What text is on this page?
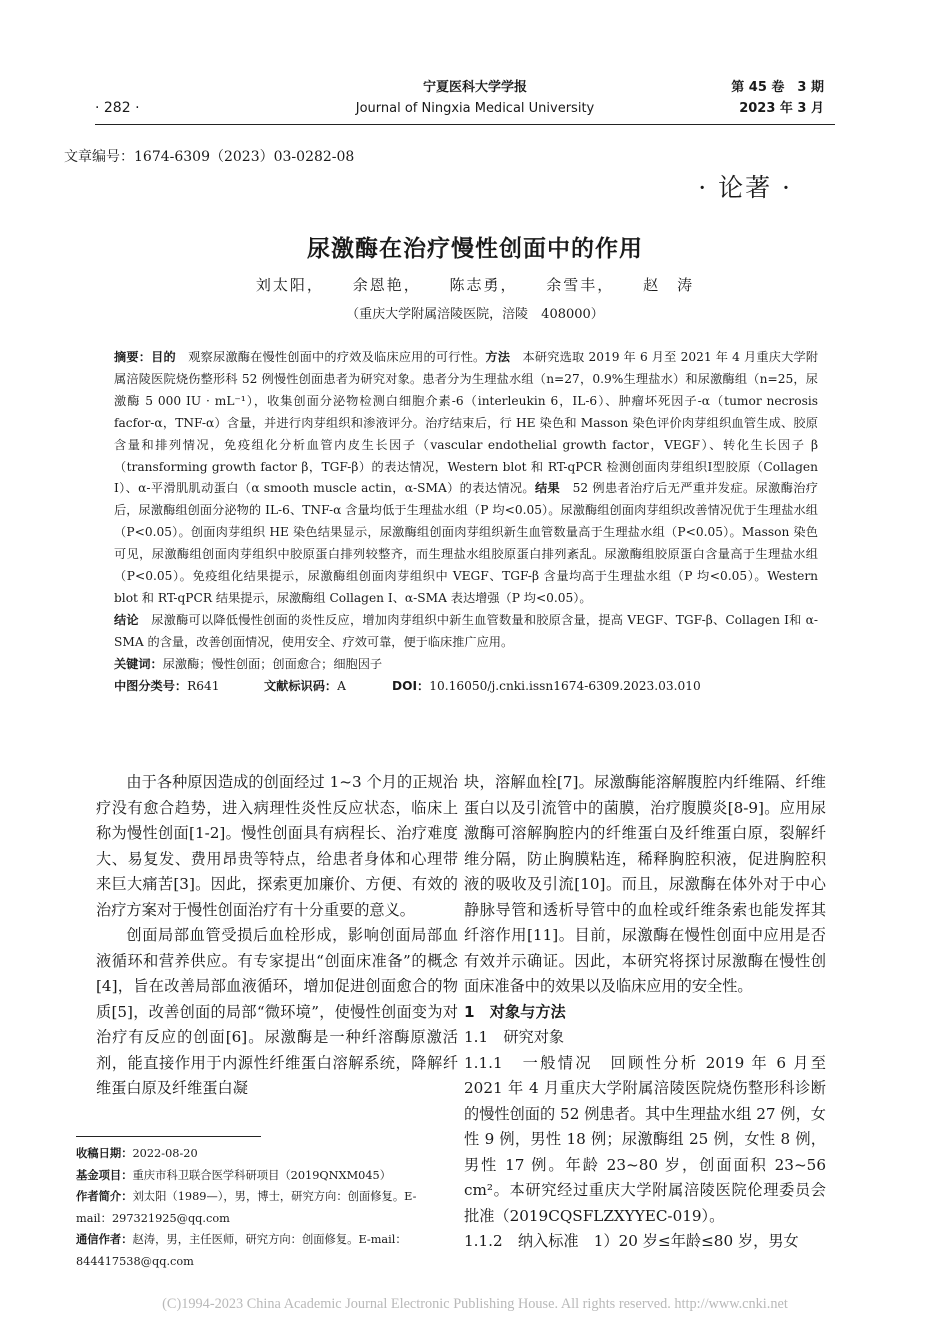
· 282 ·
宁夏医科大学学报
Journal of Ningxia Medical University
第 45 卷　3 期
2023 年 3 月
文章编号：1674-6309（2023）03-0282-08
· 论著 ·
尿激酶在治疗慢性创面中的作用
刘太阳， 余恩艳， 陈志勇， 余雪丰， 赵　涛
（重庆大学附属涪陵医院，涪陵　408000）

摘要：目的　观察尿激酶在慢性创面中的疗效及临床应用的可行性。方法　本研究选取 2019 年 6 月至 2021 年 4 月重庆大学附属涪陵医院烧伤整形科 52 例慢性创面患者为研究对象。患者分为生理盐水组（n=27，0.9%生理盐水）和尿激酶组（n=25，尿激酶 5 000 IU · mL⁻¹），收集创面分泌物检测白细胞介素-6（interleukin 6，IL-6）、肿瘤坏死因子-α（tumor necrosis facfor-α，TNF-α）含量，并进行肉芽组织和渗液评分。治疗结束后，行 HE 染色和 Masson 染色评价肉芽组织血管生成、胶原含量和排列情况，免疫组化分析血管内皮生长因子（vascular endothelial growth factor，VEGF）、转化生长因子 β（transforming growth factor β，TGF-β）的表达情况，Western blot 和 RT-qPCR 检测创面肉芽组织Ⅰ型胶原（Collagen Ⅰ）、α-平滑肌肌动蛋白（α smooth muscle actin，α-SMA）的表达情况。结果　52 例患者治疗后无严重并发症。尿激酶治疗后，尿激酶组创面分泌物的 IL-6、TNF-α 含量均低于生理盐水组（P 均<0.05）。尿激酶组创面肉芽组织改善情况优于生理盐水组（P<0.05）。创面肉芽组织 HE 染色结果显示，尿激酶组创面肉芽组织新生血管数量高于生理盐水组（P<0.05）。Masson 染色可见，尿激酶组创面肉芽组织中胶原蛋白排列较整齐，而生理盐水组胶原蛋白排列紊乱。尿激酶组胶原蛋白含量高于生理盐水组（P<0.05）。免疫组化结果提示，尿激酶组创面肉芽组织中 VEGF、TGF-β 含量均高于生理盐水组（P 均<0.05）。Western blot 和 RT-qPCR 结果提示，尿激酶组 Collagen Ⅰ、α-SMA 表达增强（P 均<0.05）。

结论　尿激酶可以降低慢性创面的炎性反应，增加肉芽组织中新生血管数量和胶原含量，提高 VEGF、TGF-β、Collagen Ⅰ和 α-SMA 的含量，改善创面情况，使用安全、疗效可靠，便于临床推广应用。

关键词：尿激酶；慢性创面；创面愈合；细胞因子

中图分类号：R641	文献标识码：A	DOI：10.16050/j.cnki.issn1674-6309.2023.03.010

由于各种原因造成的创面经过 1~3 个月的正规治疗没有愈合趋势，进入病理性炎性反应状态，临床上称为慢性创面[1-2]。慢性创面具有病程长、治疗难度大、易复发、费用昂贵等特点，给患者身体和心理带来巨大痛苦[3]。因此，探索更加廉价、方便、有效的治疗方案对于慢性创面治疗有十分重要的意义。

创面局部血管受损后血栓形成，影响创面局部血液循环和营养供应。有专家提出“创面床准备”的概念[4]，旨在改善局部血液循环，增加促进创面愈合的物质[5]，改善创面的局部“微环境”，使慢性创面变为对治疗有反应的创面[6]。尿激酶是一种纤溶酶原激活剂，能直接作用于内源性纤维蛋白溶解系统，降解纤维蛋白原及纤维蛋白凝

块，溶解血栓[7]。尿激酶能溶解腹腔内纤维隔、纤维蛋白以及引流管中的菌膜，治疗腹膜炎[8-9]。应用尿激酶可溶解胸腔内的纤维蛋白及纤维蛋白原，裂解纤维分隔，防止胸膜粘连，稀释胸腔积液，促进胸腔积液的吸收及引流[10]。而且，尿激酶在体外对于中心静脉导管和透析导管中的血栓或纤维条索也能发挥其纤溶作用[11]。目前，尿激酶在慢性创面中应用是否有效并示确证。因此，本研究将探讨尿激酶在慢性创面床准备中的效果以及临床应用的安全性。

1　对象与方法

1.1　研究对象

1.1.1　一般情况　回顾性分析 2019 年 6 月至 2021 年 4 月重庆大学附属涪陵医院烧伤整形科诊断的慢性创面的 52 例患者。其中生理盐水组 27 例，女性 9 例，男性 18 例；尿激酶组 25 例，女性 8 例，男性 17 例。年龄 23~80 岁，创面面积 23~56 cm²。本研究经过重庆大学附属涪陵医院伦理委员会批准（2019CQSFLZXYYEC-019）。

1.1.2　纳入标准　1）20 岁≤年龄≤80 岁，男女

收稿日期：2022-08-20
基金项目：重庆市科卫联合医学科研项目（2019QNXM045）
作者简介：刘太阳（1989—），男，博士，研究方向：创面修复。E-mail：297321925@qq.com
通信作者：赵涛，男，主任医师，研究方向：创面修复。E-mail：844417538@qq.com
(C)1994-2023 China Academic Journal Electronic Publishing House. All rights reserved. http://www.cnki.net
